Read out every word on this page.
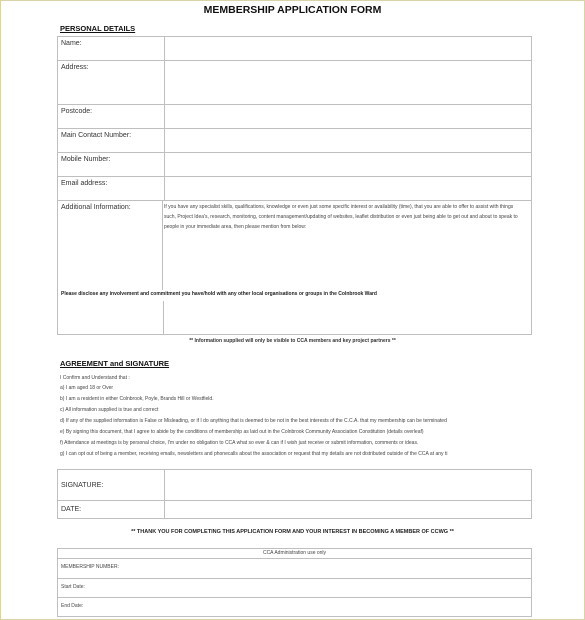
MEMBERSHIP APPLICATION FORM
PERSONAL DETAILS
Name:	
Address:	
Postcode:	
Main Contact Number:	
Mobile Number:	
Email address:	

Additional Information: If you have any specialist skills, qualifications, knowledge or even just some specific interest or availability (time), that you are able to offer to assist with things such, Project Idea's, research, monitoring, content management/updating of websites, leaflet distribution or even just being able to get out and about to speak to people in your immediate area, then please mention from below:
Please disclose any involvement and commitment you have/hold with any other local organisations or groups in the Colnbrook Ward	
** Information supplied will only be visible to CCA members and key project partners **
AGREEMENT and SIGNATURE
I Confirm and Understand that :
a) I am aged 18 or Over
b) I am a resident in either Colnbrook, Poyle, Brands Hill or Westfield.
c) All information supplied is true and correct
d) If any of the supplied information is False or Misleading, or if I do anything that is deemed to be not in the best interests of the C.C.A. that my membership can be terminated
e) By signing this document, that I agree to abide by the conditions of membership as laid out in the Colnbrook Community Association Constitution (details overleaf)
f) Attendance at meetings is by personal choice, I'm under no obligation to CCA what so ever & can if I wish just receive or submit information, comments or ideas.
g) I can opt out of being a member, receiving emails, newsletters and phonecalls about the association or request that my details are not distributed outside of the CCA at any ti
SIGNATURE:	
DATE:	
** THANK YOU FOR COMPLETING THIS APPLICATION FORM AND YOUR INTEREST IN BECOMING A MEMBER OF CCWG **
CCA Administration use only
MEMBERSHIP NUMBER:
Start Date:
End Date:
